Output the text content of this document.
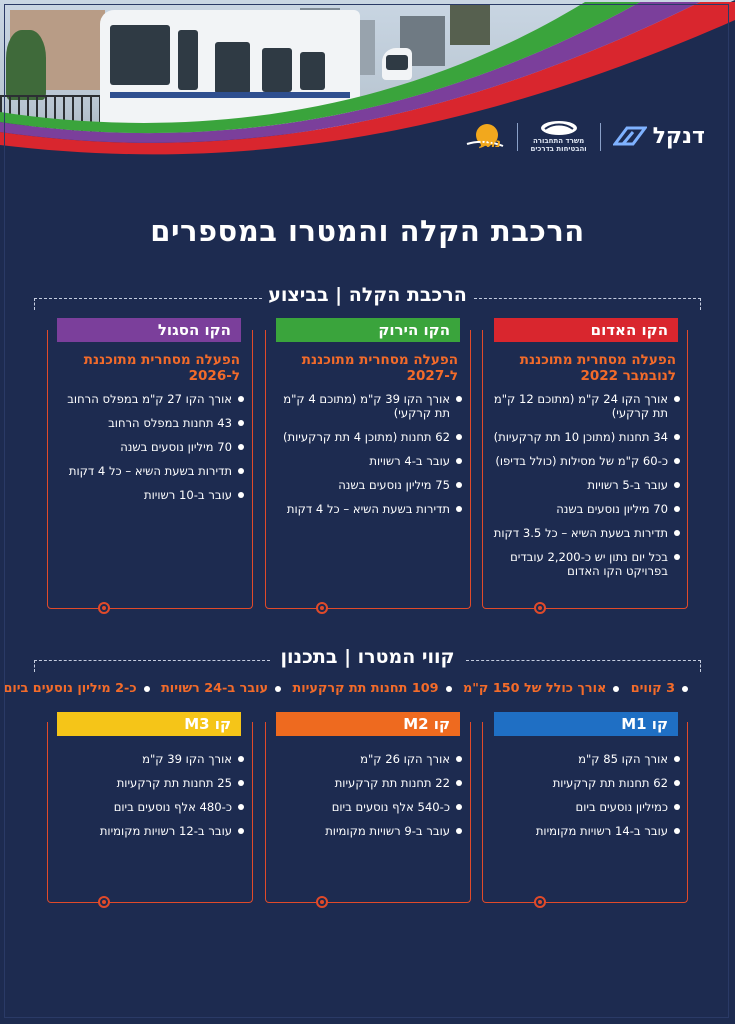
דנקל
משרד התחבורה והבטיחות בדרכים
נתע
הרכבת הקלה והמטרו במספרים
הרכבת הקלה | בביצוע
הקו האדום
הפעלה מסחרית מתוכננת לנובמבר 2022
אורך הקו 24 ק"מ (מתוכם 12 ק"מ תת קרקעי)
34 תחנות (מתוכן 10 תת קרקעיות)
כ-60 ק"מ של מסילות (כולל בדיפו)
עובר ב-5 רשויות
70 מיליון נוסעים בשנה
תדירות בשעת השיא – כל 3.5 דקות
בכל יום נתון יש כ-2,200 עובדים בפרויקט הקו האדום
הקו הירוק
הפעלה מסחרית מתוכננת ל-2027
אורך הקו 39 ק"מ (מתוכם 4 ק"מ תת קרקעי)
62 תחנות (מתוכן 4 תת קרקעיות)
עובר ב-4 רשויות
75 מיליון נוסעים בשנה
תדירות בשעת השיא – כל 4 דקות
הקו הסגול
הפעלה מסחרית מתוכננת ל-2026
אורך הקו 27 ק"מ במפלס הרחוב
43 תחנות במפלס הרחוב
70 מיליון נוסעים בשנה
תדירות בשעת השיא – כל 4 דקות
עובר ב-10 רשויות
קווי המטרו | בתכנון
3 קווים אורך כולל של 150 ק"מ 109 תחנות תת קרקעיות עובר ב-24 רשויות כ-2 מיליון נוסעים ביום
קו M1
אורך הקו 85 ק"מ
62 תחנות תת קרקעיות
כמיליון נוסעים ביום
עובר ב-14 רשויות מקומיות
קו M2
אורך הקו 26 ק"מ
22 תחנות תת קרקעיות
כ-540 אלף נוסעים ביום
עובר ב-9 רשויות מקומיות
קו M3
אורך הקו 39 ק"מ
25 תחנות תת קרקעיות
כ-480 אלף נוסעים ביום
עובר ב-12 רשויות מקומיות
